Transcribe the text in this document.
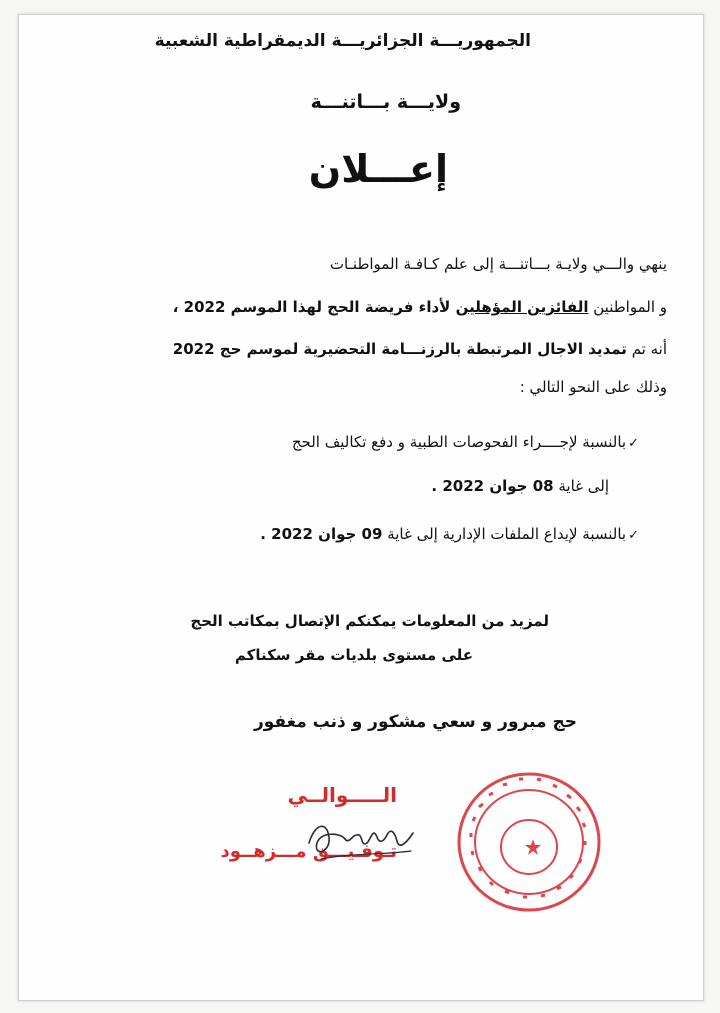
الجمهوريـــة الجزائريـــة الديمقراطية الشعبية
ولايـــة بـــاتنـــة
إعـــلان
ينهي والـــي ولايـة بـــاتنـــة إلى علم كـافـة المواطنـات
و المواطنين الفائزين المؤهلين لأداء فريضة الحج لهذا الموسم 2022 ،
أنه تم تمديد الاجال المرتبطة بالرزنـــامة التحضيرية لموسم حج 2022
وذلك على النحو التالي :
✓بالنسبة لإجــــراء الفحوصات الطبية و دفع تكاليف الحج
إلى غاية 08 جوان 2022 .
✓بالنسبة لإيداع الملفات الإدارية إلى غاية 09 جوان 2022 .
لمزيد من المعلومات يمكنكم الإتصال بمكاتب الحج
على مستوى بلديات مقر سكناكم
حج مبرور و سعي مشكور و ذنب مغفور
الـــــوالــي
تـوفـيـــق مـــزهــود
